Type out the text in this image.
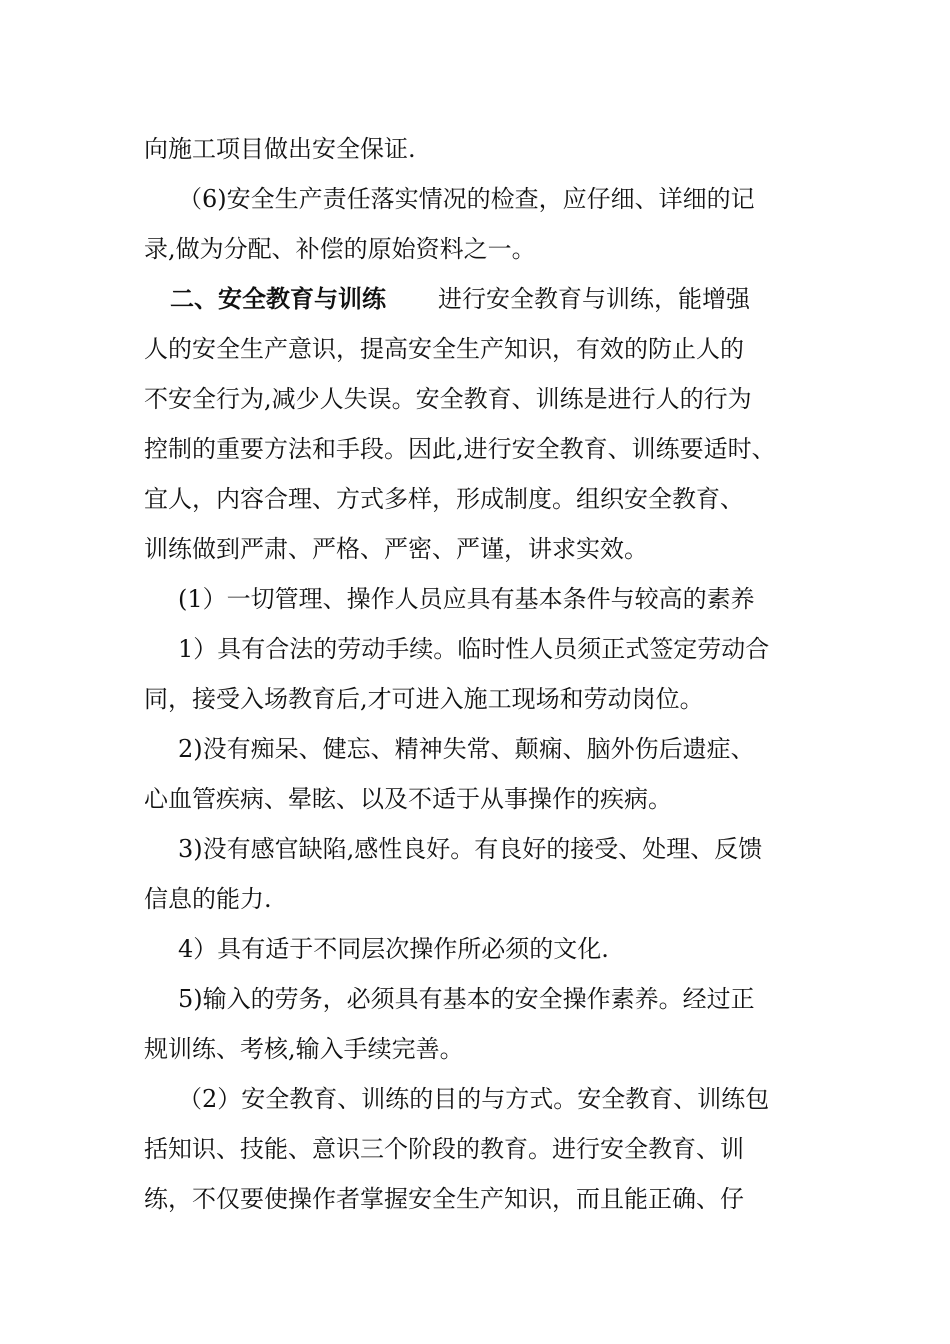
向施工项目做出安全保证.
（6)安全生产责任落实情况的检查，应仔细、详细的记
录,做为分配、补偿的原始资料之一。
二、安全教育与训练 进行安全教育与训练，能增强
人的安全生产意识，提高安全生产知识，有效的防止人的
不安全行为,减少人失误。安全教育、训练是进行人的行为
控制的重要方法和手段。因此,进行安全教育、训练要适时、
宜人，内容合理、方式多样，形成制度。组织安全教育、
训练做到严肃、严格、严密、严谨，讲求实效。
(1）一切管理、操作人员应具有基本条件与较高的素养
1）具有合法的劳动手续。临时性人员须正式签定劳动合
同，接受入场教育后,才可进入施工现场和劳动岗位。
2)没有痴呆、健忘、精神失常、颠痫、脑外伤后遗症、
心血管疾病、晕眩、以及不适于从事操作的疾病。
3)没有感官缺陷,感性良好。有良好的接受、处理、反馈
信息的能力.
4）具有适于不同层次操作所必须的文化.
5)输入的劳务，必须具有基本的安全操作素养。经过正
规训练、考核,输入手续完善。
（2）安全教育、训练的目的与方式。安全教育、训练包
括知识、技能、意识三个阶段的教育。进行安全教育、训
练，不仅要使操作者掌握安全生产知识，而且能正确、仔
